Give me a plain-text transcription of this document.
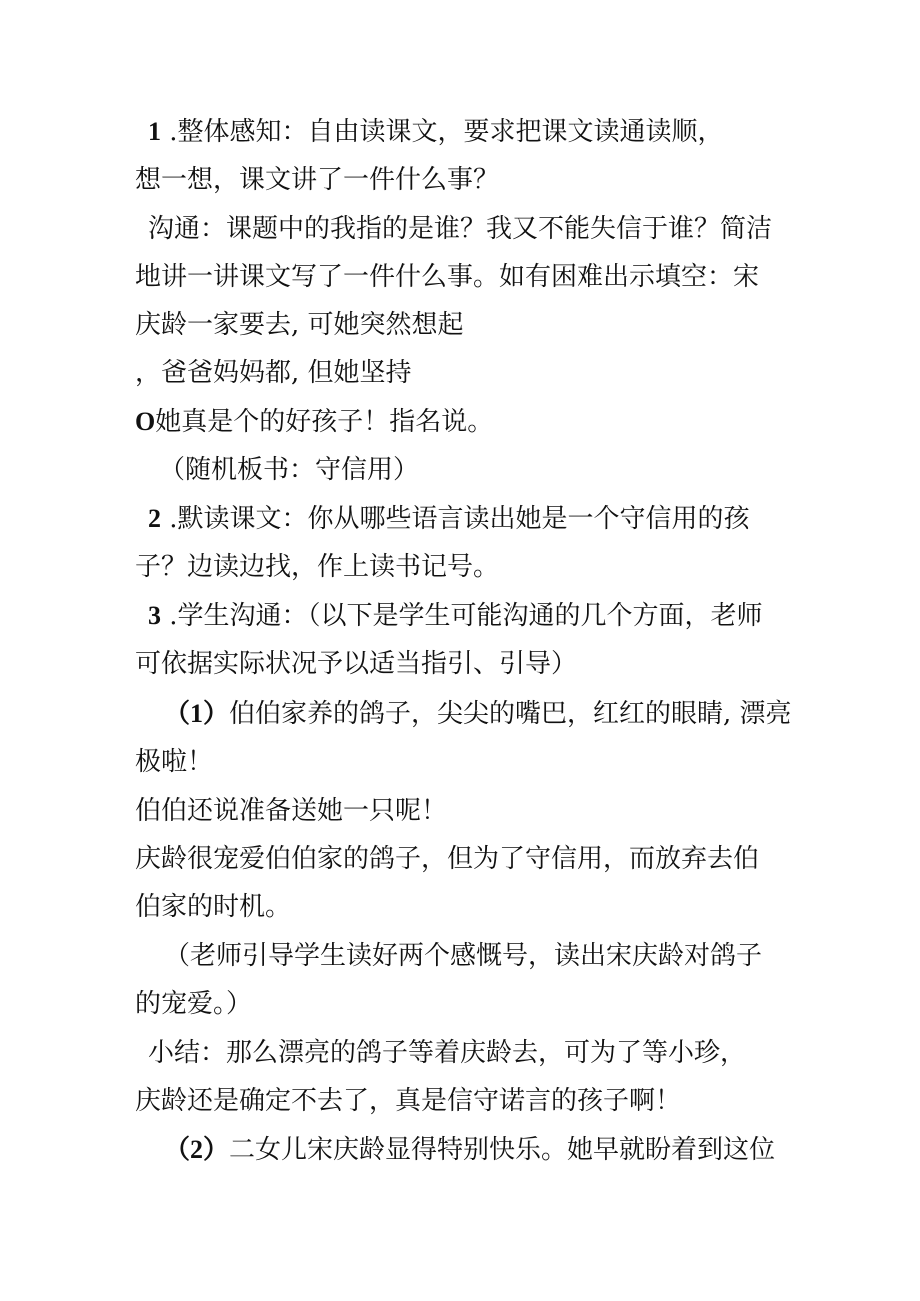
1 .整体感知：自由读课文，要求把课文读通读顺，

想一想，课文讲了一件什么事？

沟通：课题中的我指的是谁？我又不能失信于谁？简洁

地讲一讲课文写了一件什么事。如有困难出示填空：宋

庆龄一家要去, 可她突然想起

，爸爸妈妈都, 但她坚持

O她真是个的好孩子！指名说。

（随机板书：守信用）

2 .默读课文：你从哪些语言读出她是一个守信用的孩

子？边读边找，作上读书记号。

3 .学生沟通：（以下是学生可能沟通的几个方面，老师

可依据实际状况予以适当指引、引导）

（1）伯伯家养的鸽子，尖尖的嘴巴，红红的眼睛, 漂亮

极啦！

伯伯还说准备送她一只呢！

庆龄很宠爱伯伯家的鸽子，但为了守信用，而放弃去伯

伯家的时机。

（老师引导学生读好两个感慨号，读出宋庆龄对鸽子

的宠爱。）

小结：那么漂亮的鸽子等着庆龄去，可为了等小珍，

庆龄还是确定不去了，真是信守诺言的孩子啊！

（2）二女儿宋庆龄显得特别快乐。她早就盼着到这位
